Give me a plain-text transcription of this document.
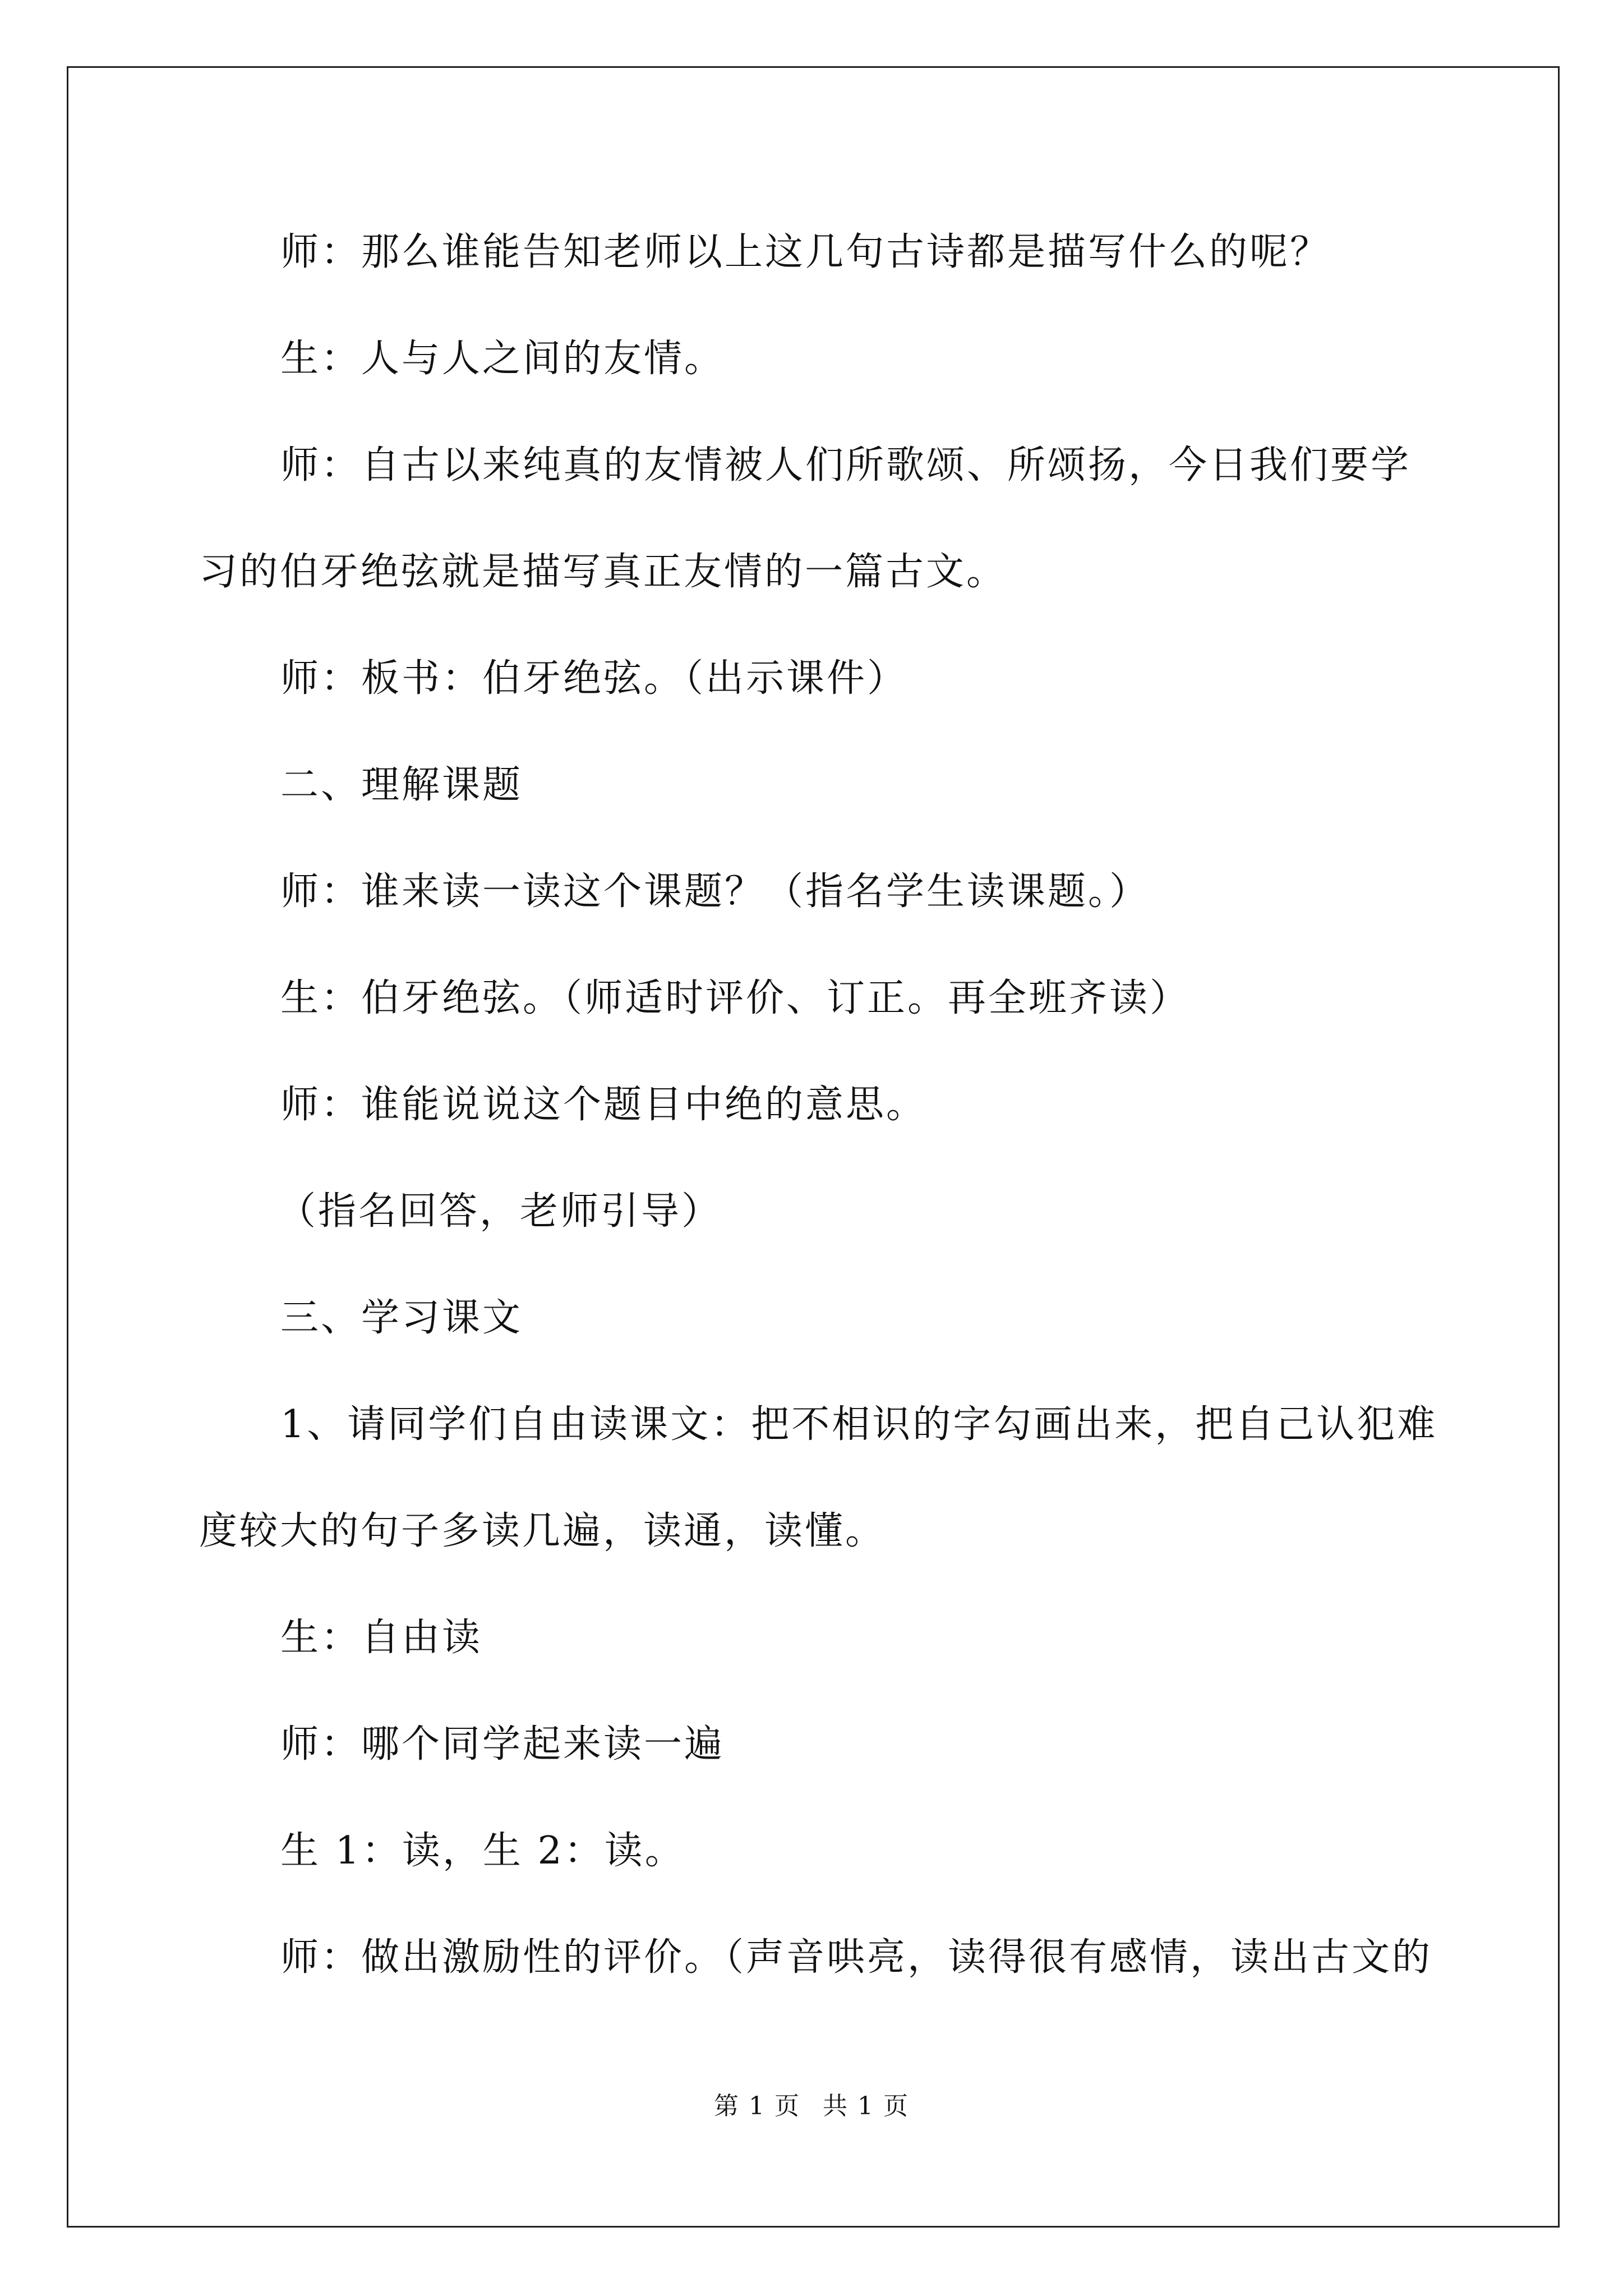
师：那么谁能告知老师以上这几句古诗都是描写什么的呢？

生：人与人之间的友情。

师：自古以来纯真的友情被人们所歌颂、所颂扬，今日我们要学

习的伯牙绝弦就是描写真正友情的一篇古文。

师：板书：伯牙绝弦。（出示课件）

二、理解课题

师：谁来读一读这个课题？（指名学生读课题。）

生：伯牙绝弦。（师适时评价、订正。再全班齐读）

师：谁能说说这个题目中绝的意思。

（指名回答，老师引导）

三、学习课文

1、请同学们自由读课文：把不相识的字勾画出来，把自己认犯难

度较大的句子多读几遍，读通，读懂。

生：自由读

师：哪个同学起来读一遍

生 1：读，生 2：读。

师：做出激励性的评价。（声音哄亮，读得很有感情，读出古文的

第 1 页 共 1 页
